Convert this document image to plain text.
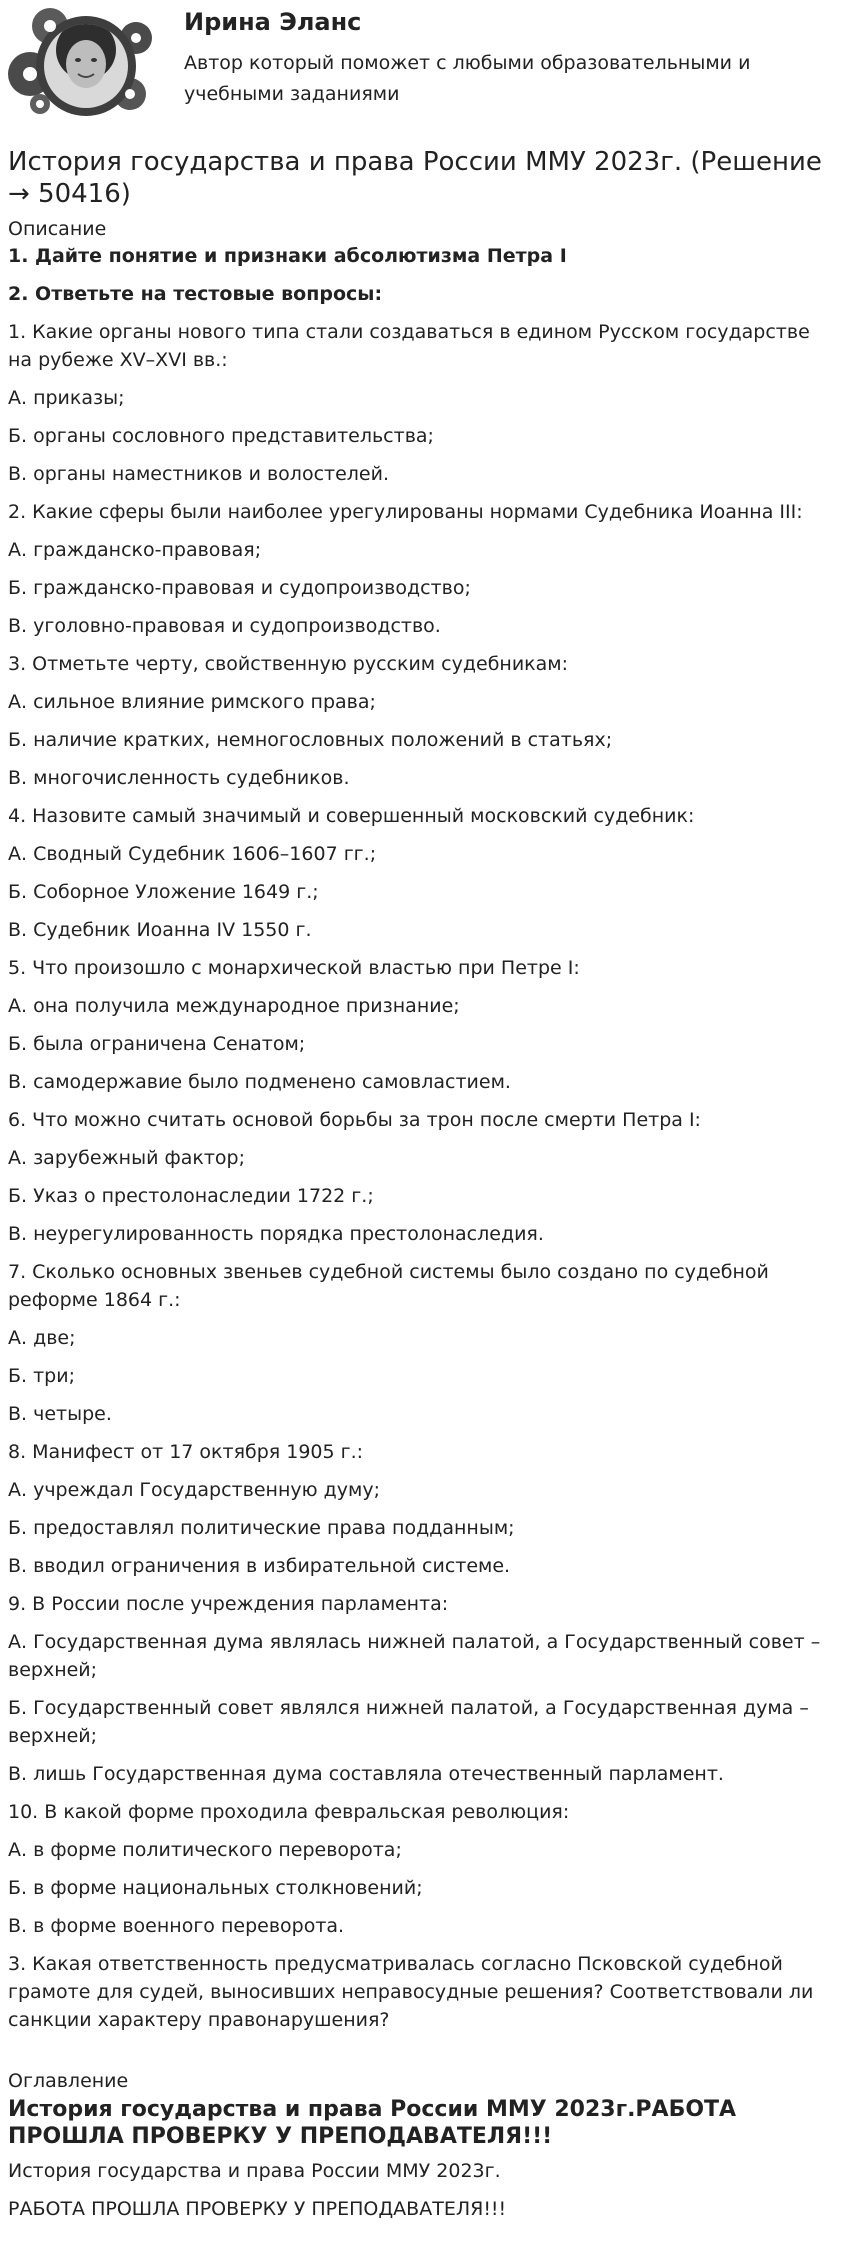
Ирина Эланс
Автор который поможет с любыми образовательными и учебными заданиями
История государства и права России ММУ 2023г. (Решение → 50416)
Описание

1. Дайте понятие и признаки абсолютизма Петра I

2. Ответьте на тестовые вопросы:

1. Какие органы нового типа стали создаваться в едином Русском государстве на рубеже XV–XVI вв.:

А. приказы;

Б. органы сословного представительства;

В. органы наместников и волостелей.

2. Какие сферы были наиболее урегулированы нормами Судебника Иоанна III:

А. гражданско-правовая;

Б. гражданско-правовая и судопроизводство;

В. уголовно-правовая и судопроизводство.

3. Отметьте черту, свойственную русским судебникам:

А. сильное влияние римского права;

Б. наличие кратких, немногословных положений в статьях;

В. многочисленность судебников.

4. Назовите самый значимый и совершенный московский судебник:

А. Сводный Судебник 1606–1607 гг.;

Б. Соборное Уложение 1649 г.;

В. Судебник Иоанна IV 1550 г.

5. Что произошло с монархической властью при Петре I:

А. она получила международное признание;

Б. была ограничена Сенатом;

В. самодержавие было подменено самовластием.

6. Что можно считать основой борьбы за трон после смерти Петра I:

А. зарубежный фактор;

Б. Указ о престолонаследии 1722 г.;

В. неурегулированность порядка престолонаследия.

7. Сколько основных звеньев судебной системы было создано по судебной реформе 1864 г.:

А. две;

Б. три;

В. четыре.

8. Манифест от 17 октября 1905 г.:

А. учреждал Государственную думу;

Б. предоставлял политические права подданным;

В. вводил ограничения в избирательной системе.

9. В России после учреждения парламента:

А. Государственная дума являлась нижней палатой, а Государственный совет – верхней;

Б. Государственный совет являлся нижней палатой, а Государственная дума – верхней;

В. лишь Государственная дума составляла отечественный парламент.

10. В какой форме проходила февральская революция:

А. в форме политического переворота;

Б. в форме национальных столкновений;

В. в форме военного переворота.

3. Какая ответственность предусматривалась согласно Псковской судебной грамоте для судей, выносивших неправосудные решения? Соответствовали ли санкции характеру правонарушения?

Оглавление
История государства и права России ММУ 2023г.РАБОТА ПРОШЛА ПРОВЕРКУ У ПРЕПОДАВАТЕЛЯ!!!
История государства и права России ММУ 2023г.
РАБОТА ПРОШЛА ПРОВЕРКУ У ПРЕПОДАВАТЕЛЯ!!!
